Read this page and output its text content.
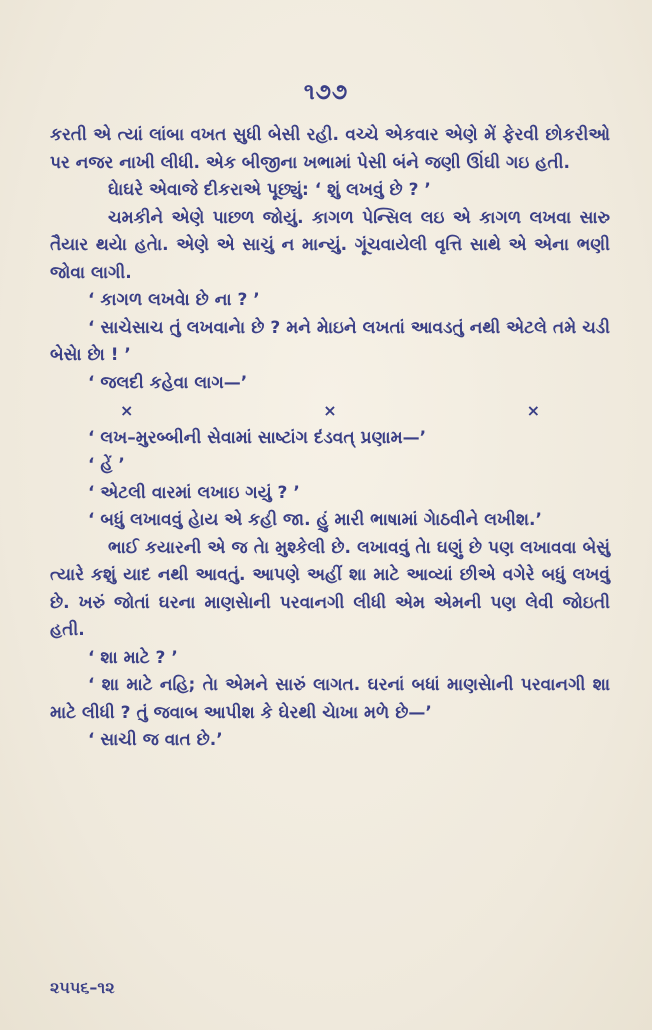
૧૭૭

કરતી એ ત્યાં લાંબા વખત સુધી બેસી રહી. વચ્ચે એકવાર એણે મેં ફેરવી છોકરીઓ પર નજર નાખી લીધી. એક બીજીના ખભામાં પેસી બંને જણી ઊંઘી ગઇ હતી.

ઘેાઘરે એવાજે દીકરાએ પૂછ્યું: ‘ શું લખવું છે ? ’

ચમકીને એણે પાછળ જોયું. કાગળ પેન્સિલ લઇ એ કાગળ લખવા સારુ તૈયાર થયેા હતેા. એણે એ સાચું ન માન્યું. ગૂંચવાયેલી વૃત્તિ સાથે એ એના ભણી જોવા લાગી.

‘ કાગળ લખવેા છે ના ? ’

‘ સાચેસાચ તું લખવાનેા છે ? મને મેાઇને લખતાં આવડતું નથી એટલે તમે ચડી બેસેા છેા ! ’

‘ જલદી કહેવા લાગ—’

×	×	×

‘ લખ–મુરબ્બીની સેવામાં સાષ્ટાંગ દંડવત્ પ્રણામ—’

‘ હેં ’

‘ એટલી વારમાં લખાઇ ગયું ? ’

‘ બધું લખાવવું હેાય એ કહી જા. હું મારી ભાષામાં ગેાઠવીને લખીશ.’

ભાઈ કયારની એ જ તેા મુશ્કેલી છે. લખાવવું તેા ઘણું છે પણ લખાવવા બેસું ત્યારે કશું યાદ નથી આવતું. આપણે અહીં શા માટે આવ્યાં છીએ વગેરે બધું લખવું છે. ખરું જોતાં ઘરના માણસેાની પરવાનગી લીધી એમ એમની પણ લેવી જોઇતી હતી.

‘ શા માટે ? ’

‘ શા માટે નહિ; તેા એમને સારું લાગત. ઘરનાં બધાં માણસેાની પરવાનગી શા માટે લીધી ? તું જવાબ આપીશ કે ઘેરથી ચેાખા મળે છે—’

‘ સાચી જ વાત છે.’

૨૫૫૬–૧૨
